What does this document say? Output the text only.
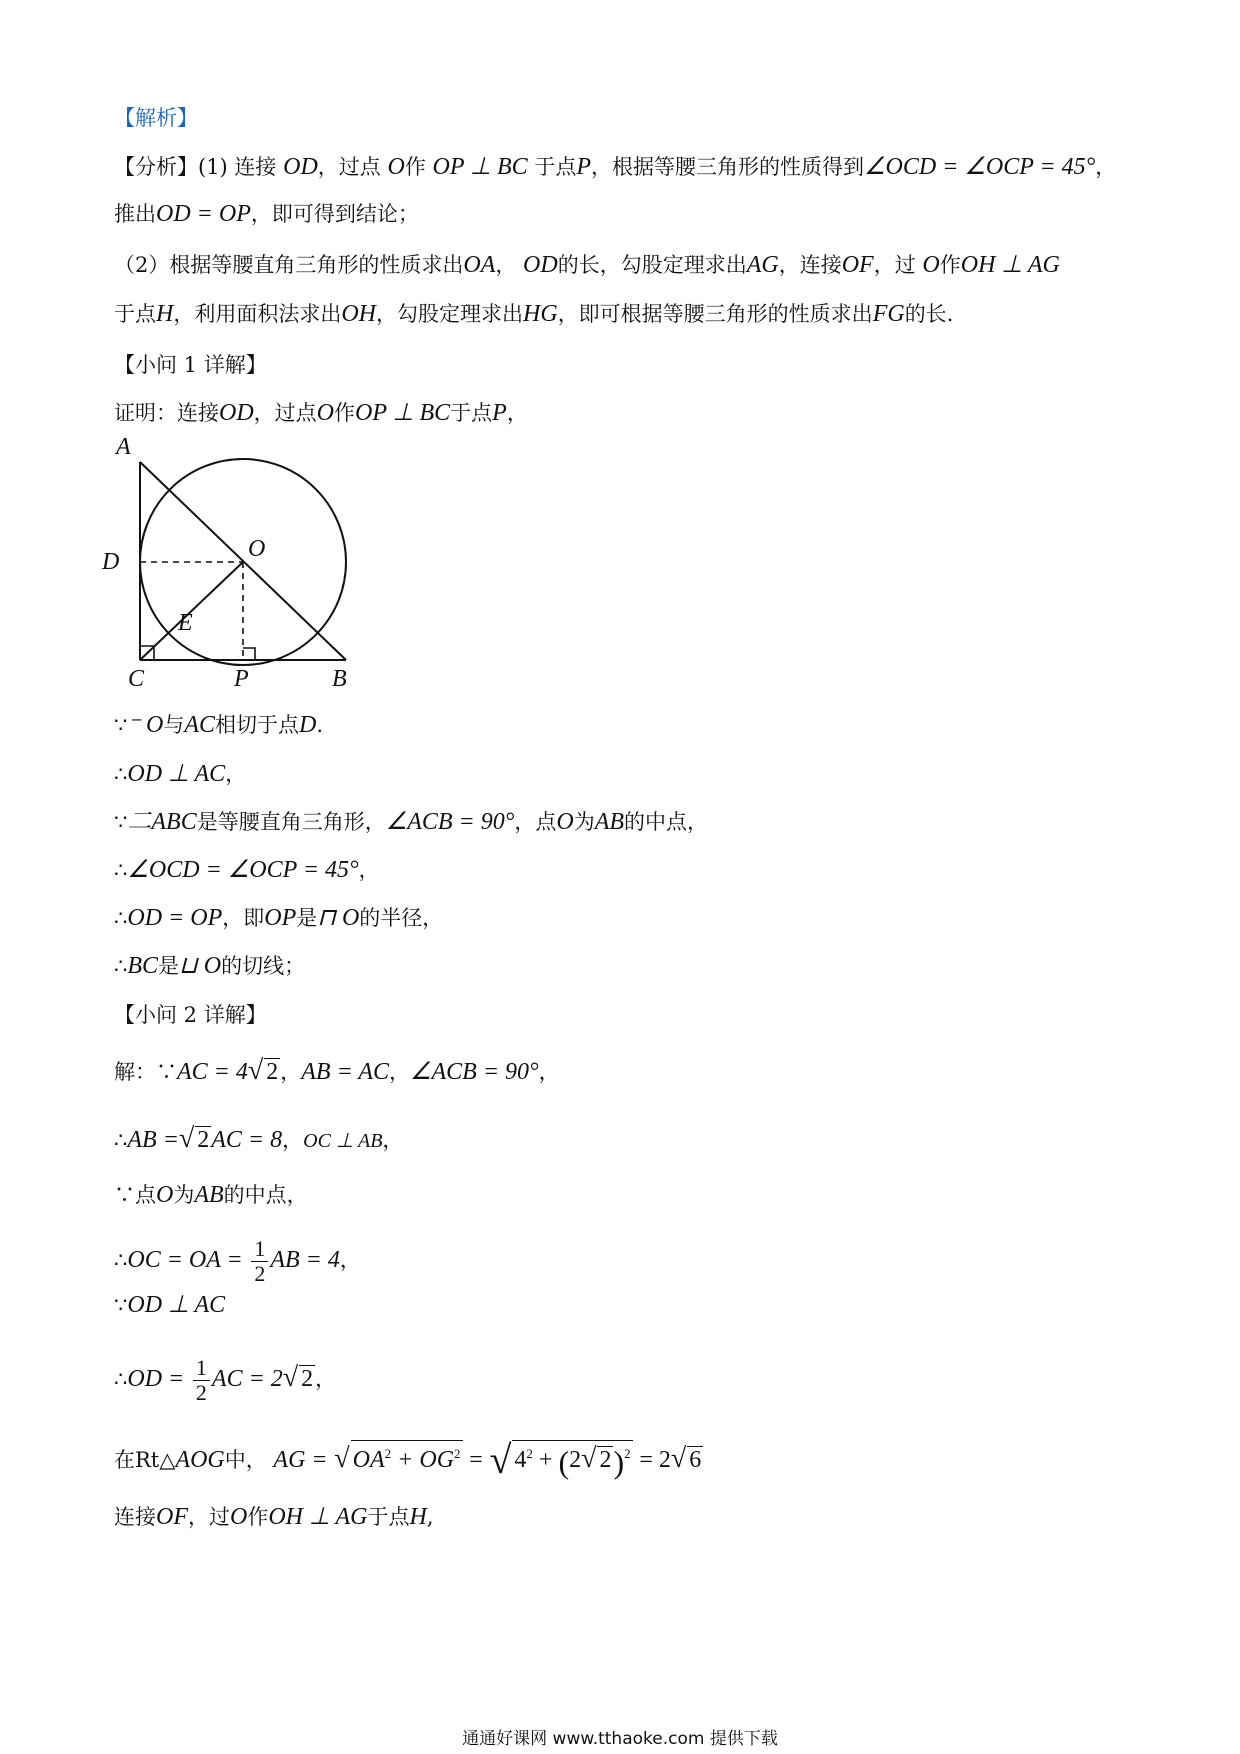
【解析】
【分析】(1) 连接 OD，过点 O作 OP ⊥ BC 于点P，根据等腰三角形的性质得到∠OCD = ∠OCP = 45°，
推出OD = OP，即可得到结论；
（2）根据等腰直角三角形的性质求出OA， OD的长，勾股定理求出AG，连接OF，过 O作OH ⊥ AG
于点H，利用面积法求出OH，勾股定理求出HG，即可根据等腰三角形的性质求出FG的长.
【小问 1 详解】
证明：连接OD，过点O作OP ⊥ BC于点P，
A
D	O
E
C	P	B
∵⁻ O与AC相切于点D.
∴OD ⊥ AC，
∵⼆ABC是等腰直角三角形，∠ACB = 90°，点O为AB的中点，
∴∠OCD = ∠OCP = 45°，
∴OD = OP，即OP是⊓ O的半径，
∴BC是⊔ O的切线；
【小问 2 详解】
解：∵AC = 4√ 2，AB = AC，∠ACB = 90°，
∴AB =√ 2AC = 8，OC ⊥ AB，
∵点O为AB的中点，
∴OC = OA = $\frac{1}{2}$ AB = 4，
∵OD ⊥ AC
∴OD = $\frac{1}{2}$ AC = 2√ 2，
在Rt△AOG中， AG = √ $OA^2 + OG^2$ = √ $4^2 + (2√$ 2)$^2$ = 2√ 6
连接OF，过O作OH ⊥ AG于点H,
通通好课网 www.tthaoke.com 提供下载
